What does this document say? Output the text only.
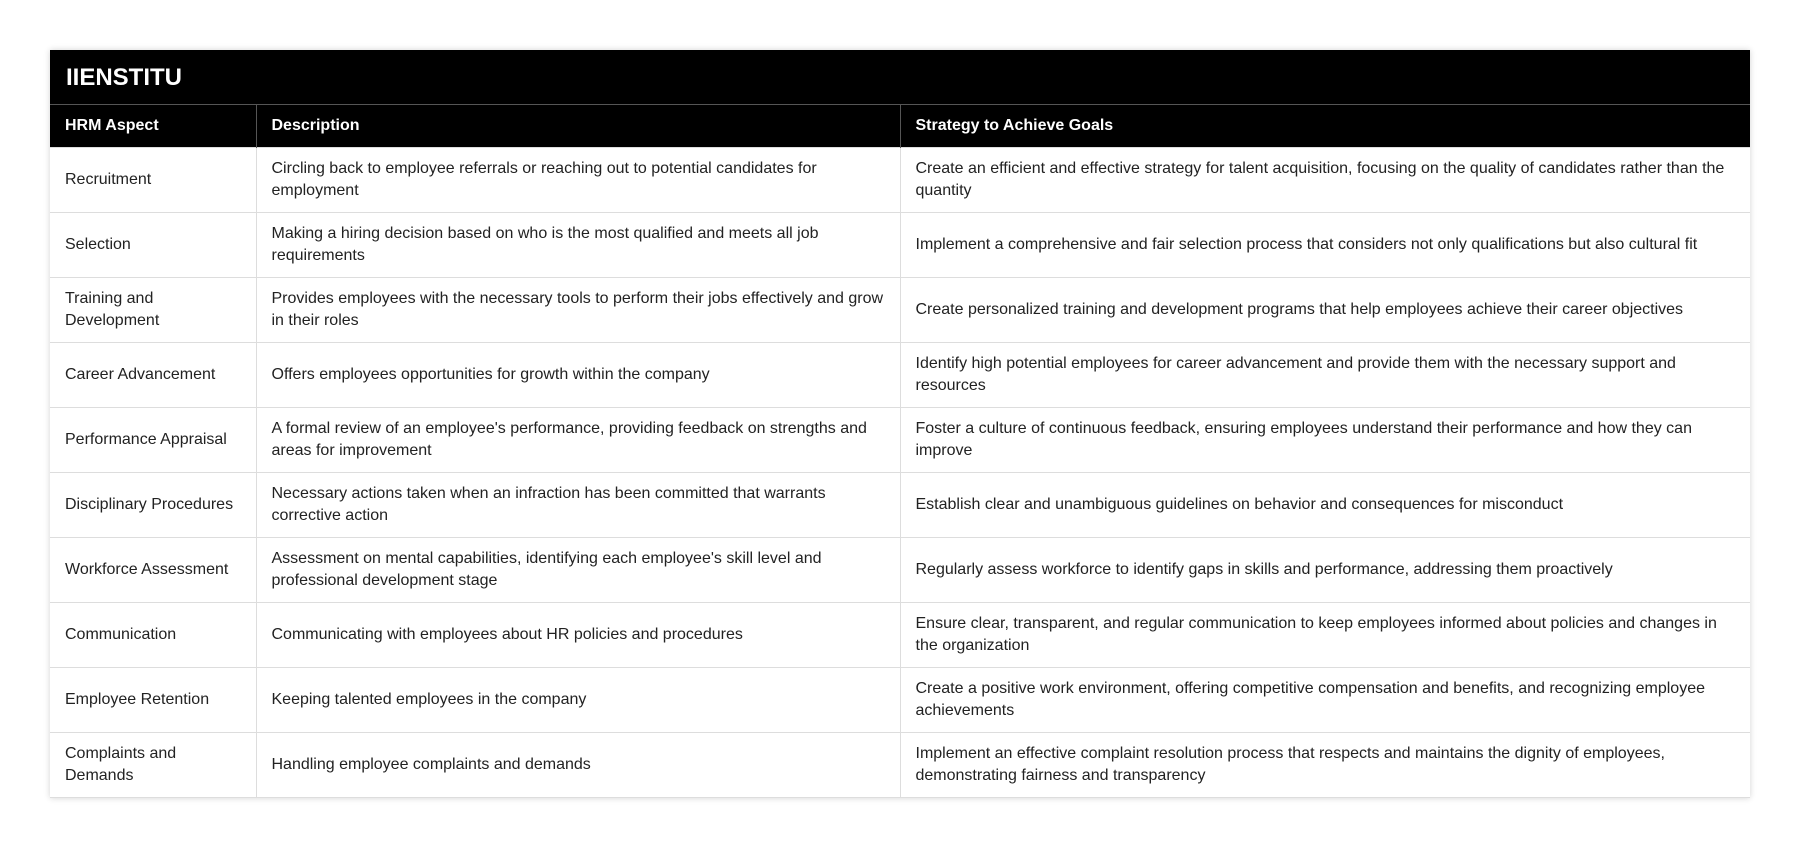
IIENSTITU
HRM Aspect	Description	Strategy to Achieve Goals
Recruitment	Circling back to employee referrals or reaching out to potential candidates for employment	Create an efficient and effective strategy for talent acquisition, focusing on the quality of candidates rather than the quantity
Selection	Making a hiring decision based on who is the most qualified and meets all job requirements	Implement a comprehensive and fair selection process that considers not only qualifications but also cultural fit
Training and Development	Provides employees with the necessary tools to perform their jobs effectively and grow in their roles	Create personalized training and development programs that help employees achieve their career objectives
Career Advancement	Offers employees opportunities for growth within the company	Identify high potential employees for career advancement and provide them with the necessary support and resources
Performance Appraisal	A formal review of an employee's performance, providing feedback on strengths and areas for improvement	Foster a culture of continuous feedback, ensuring employees understand their performance and how they can improve
Disciplinary Procedures	Necessary actions taken when an infraction has been committed that warrants corrective action	Establish clear and unambiguous guidelines on behavior and consequences for misconduct
Workforce Assessment	Assessment on mental capabilities, identifying each employee's skill level and professional development stage	Regularly assess workforce to identify gaps in skills and performance, addressing them proactively
Communication	Communicating with employees about HR policies and procedures	Ensure clear, transparent, and regular communication to keep employees informed about policies and changes in the organization
Employee Retention	Keeping talented employees in the company	Create a positive work environment, offering competitive compensation and benefits, and recognizing employee achievements
Complaints and Demands	Handling employee complaints and demands	Implement an effective complaint resolution process that respects and maintains the dignity of employees, demonstrating fairness and transparency
